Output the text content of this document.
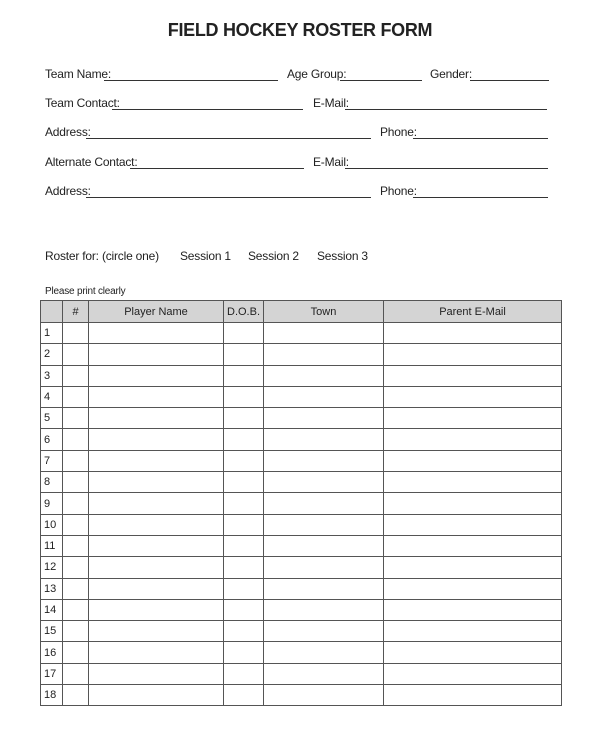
FIELD HOCKEY ROSTER FORM
Team Name:	Age Group:	Gender:
Team Contact:	E-Mail:
Address:	Phone:
Alternate Contact:	E-Mail:
Address:	Phone:
Roster for: (circle one) Session 1 Session 2 Session 3
Please print clearly
	#	Player Name	D.O.B.	Town	Parent E-Mail
1					
2					
3					
4					
5					
6					
7					
8					
9					
10					
11					
12					
13					
14					
15					
16					
17					
18					
